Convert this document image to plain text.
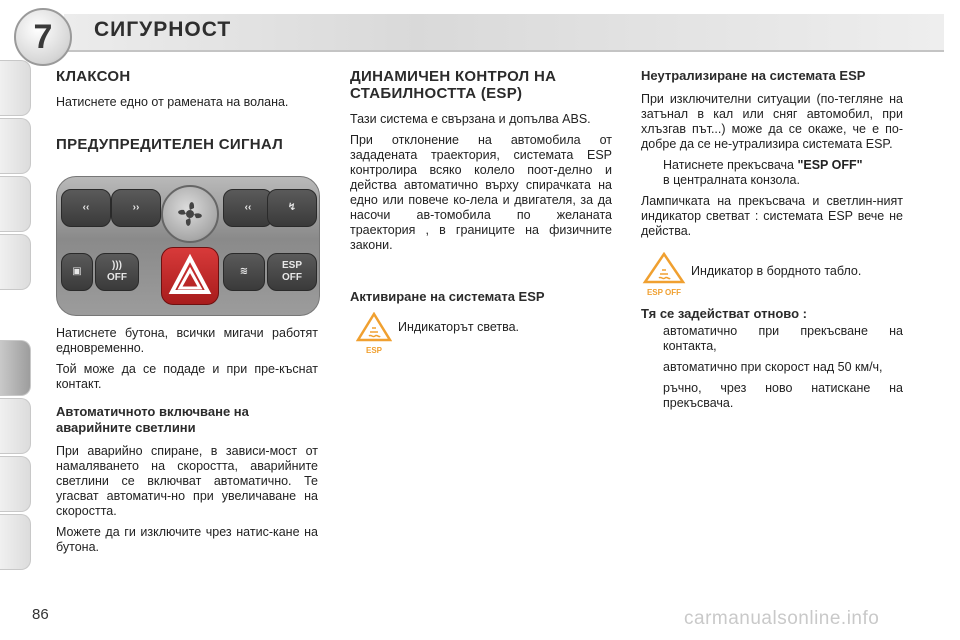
7	СИГУРНОСТ
КЛАКСОН

Натиснете едно от рамената на волана.

ПРЕДУПРЕДИТЕЛЕН СИГНАЛ
‹‹	››	‹‹	↯
▣
)))
OFF
≋
ESP
OFF

Натиснете бутона, всички мигачи работят едновременно.

Той може да се подаде и при пре-къснат контакт.

Автоматичното включване на аварийните светлини

При аварийно спиране, в зависи-мост от намаляването на скоростта, аварийните светлини се включват автоматично. Те угасват автоматич-но при увеличаване на скоростта.

Можете да ги изключите чрез натис-кане на бутона.

ДИНАМИЧЕН КОНТРОЛ НА СТАБИЛНОСТТА (ESP)

Тази система е свързана и допълва ABS.

При отклонение на автомобила от зададената траектория, системата ESP контролира всяко колело поот-делно и действа автоматично върху спирачката на едно или повече ко-лела и двигателя, за да насочи ав-томобила по желаната траектория , в границите на физичните закони.

Активиране на системата ESP
ESP
Индикаторът светва.
Неутрализиране на системата ESP

При изключителни ситуации (по-тегляне на затънал в кал или сняг автомобил, при хлъзгав път...) може да се окаже, че е по-добре да се не-утрализира системата ESP.

Натиснете прекъсвача "ESP OFF"
в централната конзола.

Лампичката на прекъсвача и светлин-ният индикатор светват : системата ESP вече не действа.

ESP OFF
Индикатор в бордното табло.
Тя се задействат отново :
автоматично при прекъсване на контакта,
автоматично при скорост над 50 км/ч,
ръчно, чрез ново натискане на прекъсвача.
86	carmanualsonline.info
